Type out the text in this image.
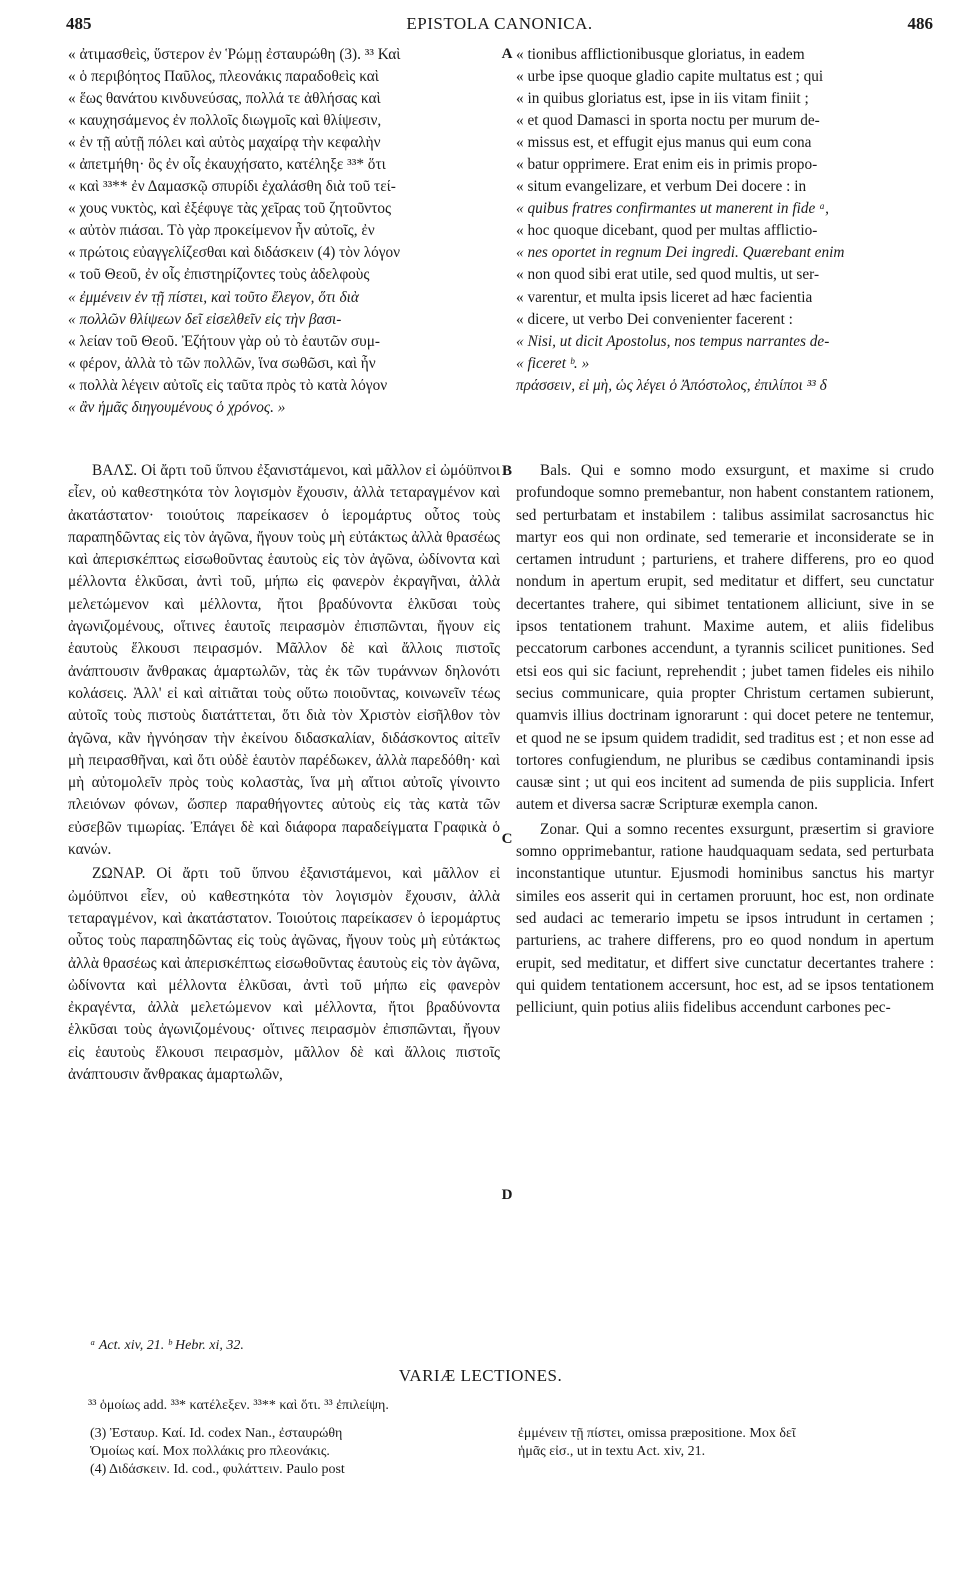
485	EPISTOLA CANONICA.	486
« ἀτιμασθεὶς, ὕστερον ἐν Ῥώμῃ ἐσταυρώθη (3). ³³ Καὶ
« ὁ περιβόητος Παῦλος, πλεονάκις παραδοθεὶς καὶ
« ἕως θανάτου κινδυνεύσας, πολλά τε ἀθλήσας καὶ
« καυχησάμενος ἐν πολλοῖς διωγμοῖς καὶ θλίψεσιν,
« ἐν τῇ αὐτῇ πόλει καὶ αὐτὸς μαχαίρᾳ τὴν κεφαλὴν
« ἀπετμήθη· ὃς ἐν οἷς ἐκαυχήσατο, κατέληξε ³³* ὅτι
« καὶ ³³** ἐν Δαμασκῷ σπυρίδι ἐχαλάσθη διὰ τοῦ τεί-
« χους νυκτὸς, καὶ ἐξέφυγε τὰς χεῖρας τοῦ ζητοῦντος
« αὐτὸν πιάσαι. Τὸ γὰρ προκείμενον ἦν αὐτοῖς, ἐν
« πρώτοις εὐαγγελίζεσθαι καὶ διδάσκειν (4) τὸν λόγον
« τοῦ Θεοῦ, ἐν οἷς ἐπιστηρίζοντες τοὺς ἀδελφοὺς
« ἐμμένειν ἐν τῇ πίστει, καὶ τοῦτο ἔλεγον, ὅτι διὰ
« πολλῶν θλίψεων δεῖ εἰσελθεῖν εἰς τὴν βασι-
« λείαν τοῦ Θεοῦ. Ἐζήτουν γὰρ οὐ τὸ ἑαυτῶν συμ-
« φέρον, ἀλλὰ τὸ τῶν πολλῶν, ἵνα σωθῶσι, καὶ ἦν
« πολλὰ λέγειν αὐτοῖς εἰς ταῦτα πρὸς τὸ κατὰ λόγον
« ἂν ἡμᾶς διηγουμένους ὁ χρόνος. »
« tionibus afflictionibusque gloriatus, in eadem
« urbe ipse quoque gladio capite multatus est ; qui
« in quibus gloriatus est, ipse in iis vitam finiit ;
« et quod Damasci in sporta noctu per murum de-
« missus est, et effugit ejus manus qui eum cona
« batur opprimere. Erat enim eis in primis propo-
« situm evangelizare, et verbum Dei docere : in
« quibus fratres confirmantes ut manerent in fide ᵃ,
« hoc quoque dicebant, quod per multas afflictio-
« nes oportet in regnum Dei ingredi. Quærebant enim
« non quod sibi erat utile, sed quod multis, ut ser-
« varentur, et multa ipsis liceret ad hæc facientia
« dicere, ut verbo Dei convenienter facerent :
« Nisi, ut dicit Apostolus, nos tempus narrantes de-
« ficeret ᵇ. »
πράσσειν, εἰ μὴ, ὡς λέγει ὁ Ἀπόστολος, ἐπιλίποι ³³ δ
A
B
C
D

ΒΑΛΣ. Οἱ ἄρτι τοῦ ὕπνου ἐξανιστάμενοι, καὶ μᾶλλον εἰ ὠμόϋπνοι εἶεν, οὐ καθεστηκότα τὸν λογισμὸν ἔχουσιν, ἀλλὰ τεταραγμένον καὶ ἀκατάστατον· τοιούτοις παρείκασεν ὁ ἱερομάρτυς οὗτος τοὺς παραπηδῶντας εἰς τὸν ἀγῶνα, ἤγουν τοὺς μὴ εὐτάκτως ἀλλὰ θρασέως καὶ ἀπερισκέπτως εἰσωθοῦντας ἑαυτοὺς εἰς τὸν ἀγῶνα, ὠδίνοντα καὶ μέλλοντα ἑλκῦσαι, ἀντὶ τοῦ, μήπω εἰς φανερὸν ἐκραγῆναι, ἀλλὰ μελετώμενον καὶ μέλλοντα, ἤτοι βραδύνοντα ἑλκῦσαι τοὺς ἀγωνιζομένους, οἵτινες ἑαυτοῖς πειρασμὸν ἐπισπῶνται, ἤγουν εἰς ἑαυτοὺς ἕλκουσι πειρασμόν. Μᾶλλον δὲ καὶ ἄλλοις πιστοῖς ἀνάπτουσιν ἄνθρακας ἁμαρτωλῶν, τὰς ἐκ τῶν τυράννων δηλονότι κολάσεις. Ἀλλ' εἰ καὶ αἰτιᾶται τοὺς οὕτω ποιοῦντας, κοινωνεῖν τέως αὐτοῖς τοὺς πιστοὺς διατάττεται, ὅτι διὰ τὸν Χριστὸν εἰσῆλθον τὸν ἀγῶνα, κἂν ἠγνόησαν τὴν ἐκείνου διδασκαλίαν, διδάσκοντος αἰτεῖν μὴ πειρασθῆναι, καὶ ὅτι οὐδὲ ἑαυτὸν παρέδωκεν, ἀλλὰ παρεδόθη· καὶ μὴ αὐτομολεῖν πρὸς τοὺς κολαστὰς, ἵνα μὴ αἴτιοι αὐτοῖς γίνοιντο πλειόνων φόνων, ὥσπερ παραθήγοντες αὐτοὺς εἰς τὰς κατὰ τῶν εὐσεβῶν τιμωρίας. Ἐπάγει δὲ καὶ διάφορα παραδείγματα Γραφικὰ ὁ κανών.

ΖΩΝΑΡ. Οἱ ἄρτι τοῦ ὕπνου ἐξανιστάμενοι, καὶ μᾶλλον εἰ ὠμόϋπνοι εἶεν, οὐ καθεστηκότα τὸν λογισμὸν ἔχουσιν, ἀλλὰ τεταραγμένον, καὶ ἀκατάστατον. Τοιούτοις παρείκασεν ὁ ἱερομάρτυς οὗτος τοὺς παραπηδῶντας εἰς τοὺς ἀγῶνας, ἤγουν τοὺς μὴ εὐτάκτως ἀλλὰ θρασέως καὶ ἀπερισκέπτως εἰσωθοῦντας ἑαυτοὺς εἰς τὸν ἀγῶνα, ὠδίνοντα καὶ μέλλοντα ἑλκῦσαι, ἀντὶ τοῦ μήπω εἰς φανερὸν ἐκραγέντα, ἀλλὰ μελετώμενον καὶ μέλλοντα, ἤτοι βραδύνοντα ἑλκῦσαι τοὺς ἀγωνιζομένους· οἵτινες πειρασμὸν ἐπισπῶνται, ἤγουν εἰς ἑαυτοὺς ἕλκουσι πειρασμὸν, μᾶλλον δὲ καὶ ἄλλοις πιστοῖς ἀνάπτουσιν ἄνθρακας ἁμαρτωλῶν,

Bals. Qui e somno modo exsurgunt, et maxime si crudo profundoque somno premebantur, non habent constantem rationem, sed perturbatam et instabilem : talibus assimilat sacrosanctus hic martyr eos qui non ordinate, sed temerarie et inconsiderate se in certamen intrudunt ; parturiens, et trahere differens, pro eo quod nondum in apertum erupit, sed meditatur et differt, seu cunctatur decertantes trahere, qui sibimet tentationem alliciunt, sive in se ipsos tentationem trahunt. Maxime autem, et aliis fidelibus peccatorum carbones accendunt, a tyrannis scilicet punitiones. Sed etsi eos qui sic faciunt, reprehendit ; jubet tamen fideles eis nihilo secius communicare, quia propter Christum certamen subierunt, quamvis illius doctrinam ignorarunt : qui docet petere ne tentemur, et quod ne se ipsum quidem tradidit, sed traditus est ; et non esse ad tortores confugiendum, ne pluribus se cædibus contaminandi ipsis causæ sint ; ut qui eos incitent ad sumenda de piis supplicia. Infert autem et diversa sacræ Scripturæ exempla canon.

Zonar. Qui a somno recentes exsurgunt, præsertim si graviore somno opprimebantur, ratione haudquaquam sedata, sed perturbata inconstantique utuntur. Ejusmodi hominibus sanctus his martyr similes eos asserit qui in certamen proruunt, hoc est, non ordinate sed audaci ac temerario impetu se ipsos intrudunt in certamen ; parturiens, ac trahere differens, pro eo quod nondum in apertum erupit, sed meditatur, et differt sive cunctatur decertantes trahere : qui quidem tentationem accersunt, hoc est, ad se ipsos tentationem pelliciunt, quin potius aliis fidelibus accendunt carbones pec-

ᵃ Act. xiv, 21. ᵇ Hebr. xi, 32.
VARIÆ LECTIONES.
³³ ὁμοίως add. ³³* κατέλεξεν. ³³** καὶ ὅτι. ³³ ἐπιλείψη.
(3) Ἐσταυρ. Καί. Id. codex Nan., ἐσταυρώθη
Ὁμοίως καί. Mox πολλάκις pro πλεονάκις.
(4) Διδάσκειν. Id. cod., φυλάττειν. Paulo post
ἐμμένειν τῇ πίστει, omissa præpositione. Mox δεῖ
ἡμᾶς εἰσ., ut in textu Act. xiv, 21.
